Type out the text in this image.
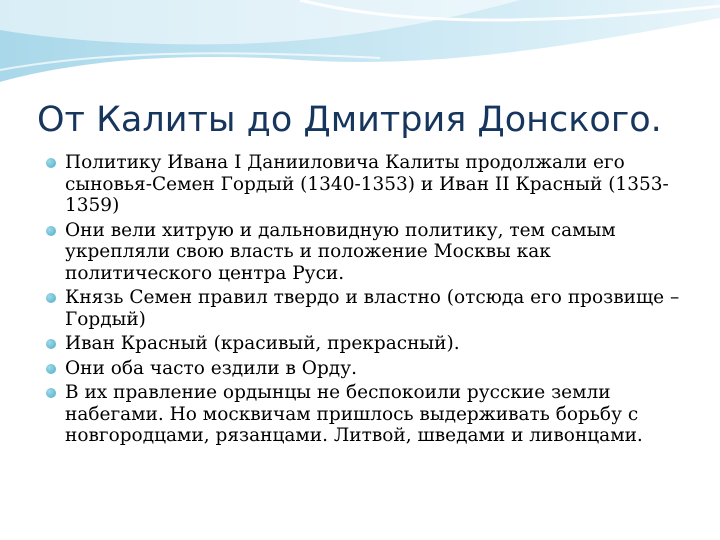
От Калиты до Дмитрия Донского.
Политику Ивана I Данииловича Калиты продолжали его сыновья-Семен Гордый (1340-1353) и Иван II Красный (1353-1359)
Они вели хитрую и дальновидную политику, тем самым укрепляли свою власть и положение Москвы как политического центра Руси.
Князь Семен правил твердо и властно (отсюда его прозвище – Гордый)
Иван Красный (красивый, прекрасный).
Они оба часто ездили в Орду.
В их правление ордынцы не беспокоили русские земли набегами. Но москвичам пришлось выдерживать борьбу с новгородцами, рязанцами. Литвой, шведами и ливонцами.
